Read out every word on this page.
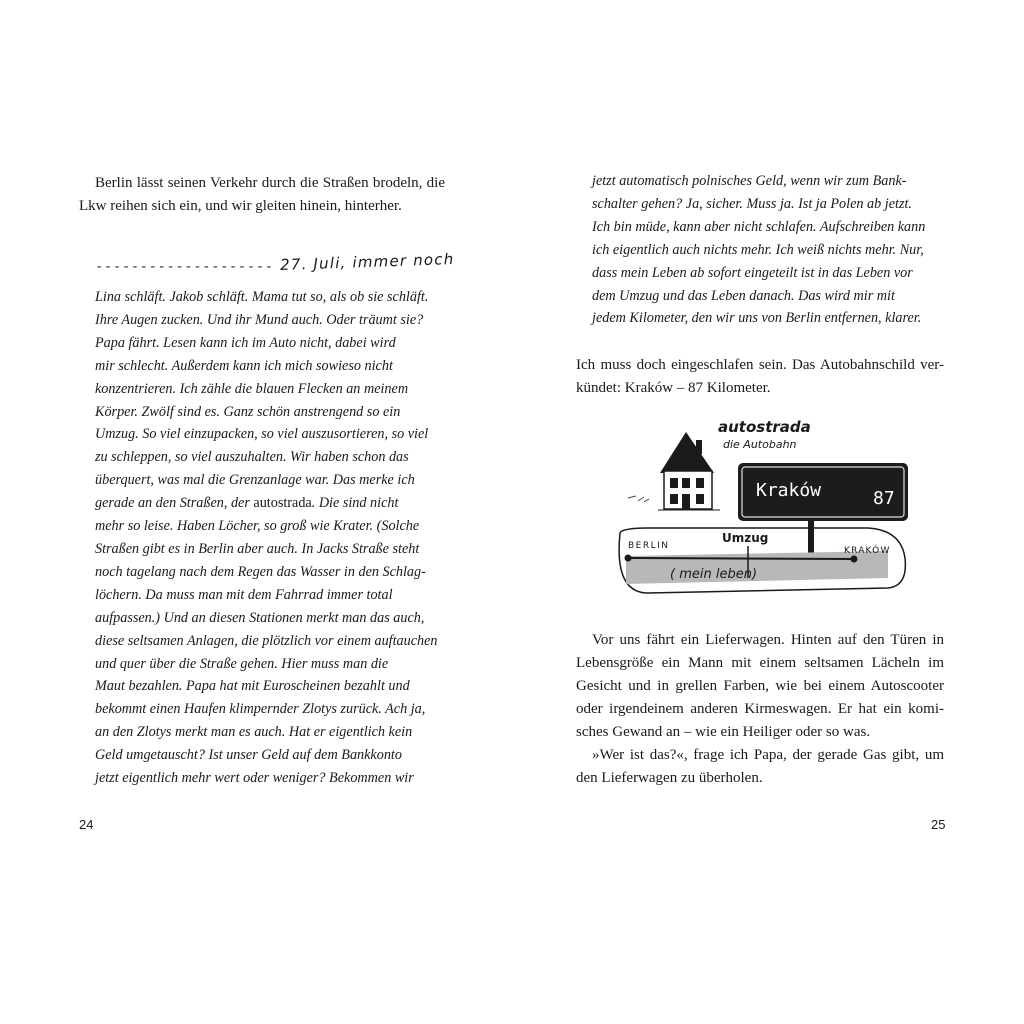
Berlin lässt seinen Verkehr durch die Straßen brodeln, die Lkw reihen sich ein, und wir gleiten hinein, hinterher.

-------------------- 27. Juli, immer noch
Lina schläft. Jakob schläft. Mama tut so, als ob sie schläft.
Ihre Augen zucken. Und ihr Mund auch. Oder träumt sie?
Papa fährt. Lesen kann ich im Auto nicht, dabei wird
mir schlecht. Außerdem kann ich mich sowieso nicht
konzentrieren. Ich zähle die blauen Flecken an meinem
Körper. Zwölf sind es. Ganz schön anstrengend so ein
Umzug. So viel einzupacken, so viel auszusortieren, so viel
zu schleppen, so viel auszuhalten. Wir haben schon das
überquert, was mal die Grenzanlage war. Das merke ich
gerade an den Straßen, der autostrada. Die sind nicht
mehr so leise. Haben Löcher, so groß wie Krater. (Solche
Straßen gibt es in Berlin aber auch. In Jacks Straße steht
noch tagelang nach dem Regen das Wasser in den Schlag-
löchern. Da muss man mit dem Fahrrad immer total
aufpassen.) Und an diesen Stationen merkt man das auch,
diese seltsamen Anlagen, die plötzlich vor einem auftauchen
und quer über die Straße gehen. Hier muss man die
Maut bezahlen. Papa hat mit Euroscheinen bezahlt und
bekommt einen Haufen klimpernder Zlotys zurück. Ach ja,
an den Zlotys merkt man es auch. Hat er eigentlich kein
Geld umgetauscht? Ist unser Geld auf dem Bankkonto
jetzt eigentlich mehr wert oder weniger? Bekommen wir
24
jetzt automatisch polnisches Geld, wenn wir zum Bank-
schalter gehen? Ja, sicher. Muss ja. Ist ja Polen ab jetzt.
Ich bin müde, kann aber nicht schlafen. Aufschreiben kann
ich eigentlich auch nichts mehr. Ich weiß nichts mehr. Nur,
dass mein Leben ab sofort eingeteilt ist in das Leben vor
dem Umzug und das Leben danach. Das wird mir mit
jedem Kilometer, den wir uns von Berlin entfernen, klarer.

Ich muss doch eingeschlafen sein. Das Autobahnschild ver- kündet: Kraków – 87 Kilometer.

Vor uns fährt ein Lieferwagen. Hinten auf den Türen in Lebensgröße ein Mann mit einem seltsamen Lächeln im Gesicht und in grellen Farben, wie bei einem Autoscooter oder irgendeinem anderen Kirmeswagen. Er hat ein komi- sches Gewand an – wie ein Heiliger oder so was.

»Wer ist das?«, frage ich Papa, der gerade Gas gibt, um den Lieferwagen zu überholen.

25
autostrada
die Autobahn
Kraków	87
BERLIN
Umzug
KRAKÓW
( mein leben)
